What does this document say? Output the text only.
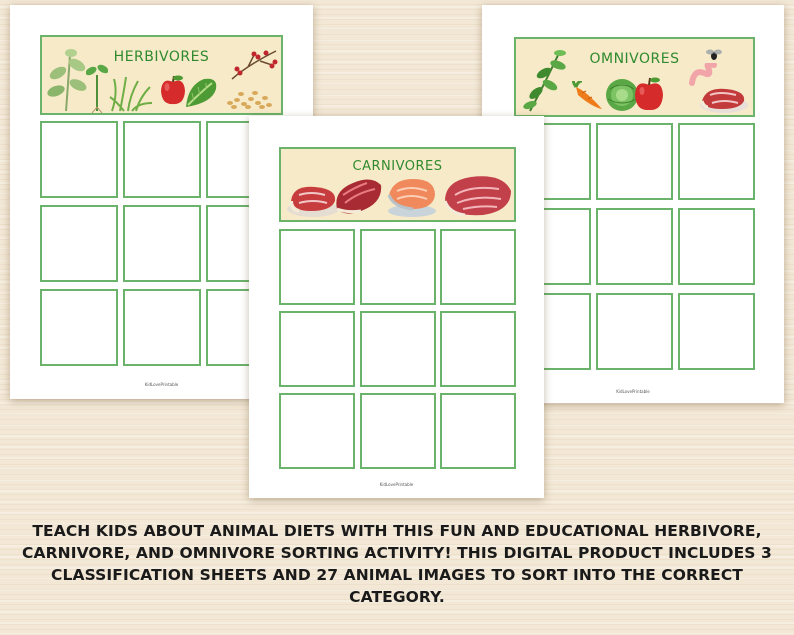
HERBIVORES
KidLovePrintable
OMNIVORES
KidLovePrintable
CARNIVORES
KidLovePrintable
TEACH KIDS ABOUT ANIMAL DIETS WITH THIS FUN AND EDUCATIONAL HERBIVORE, CARNIVORE, AND OMNIVORE SORTING ACTIVITY! THIS DIGITAL PRODUCT INCLUDES 3 CLASSIFICATION SHEETS AND 27 ANIMAL IMAGES TO SORT INTO THE CORRECT CATEGORY.
